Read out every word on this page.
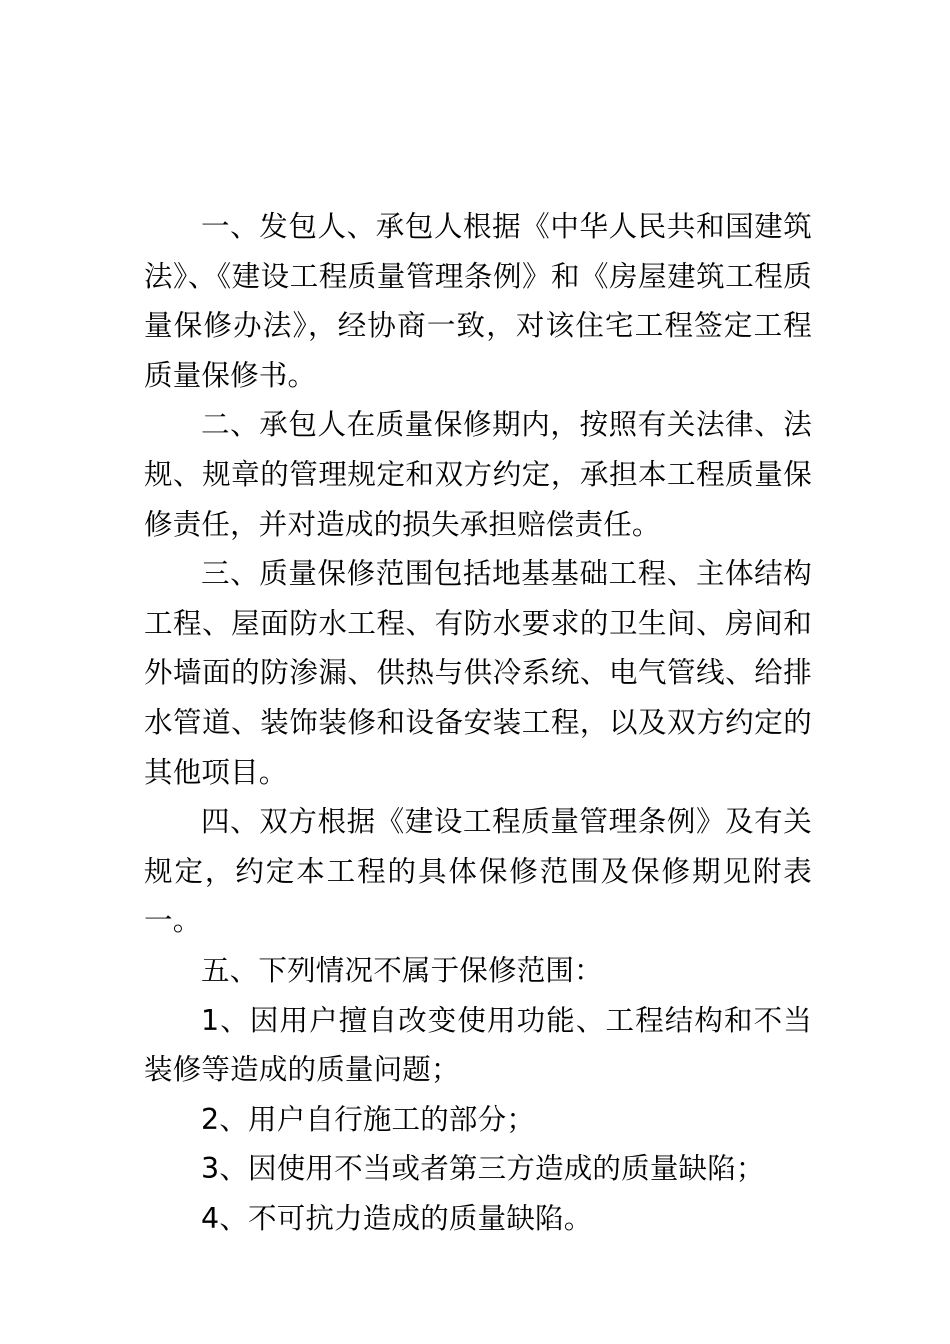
一、发包人、承包人根据《中华人民共和国建筑法》、《建设工程质量管理条例》和《房屋建筑工程质量保修办法》，经协商一致，对该住宅工程签定工程质量保修书。

二、承包人在质量保修期内，按照有关法律、法规、规章的管理规定和双方约定，承担本工程质量保修责任，并对造成的损失承担赔偿责任。

三、质量保修范围包括地基基础工程、主体结构工程、屋面防水工程、有防水要求的卫生间、房间和外墙面的防渗漏、供热与供冷系统、电气管线、给排水管道、装饰装修和设备安装工程，以及双方约定的其他项目。

四、双方根据《建设工程质量管理条例》及有关规定，约定本工程的具体保修范围及保修期见附表一。

五、下列情况不属于保修范围：

1、因用户擅自改变使用功能、工程结构和不当装修等造成的质量问题；

2、用户自行施工的部分；

3、因使用不当或者第三方造成的质量缺陷；

4、不可抗力造成的质量缺陷。
